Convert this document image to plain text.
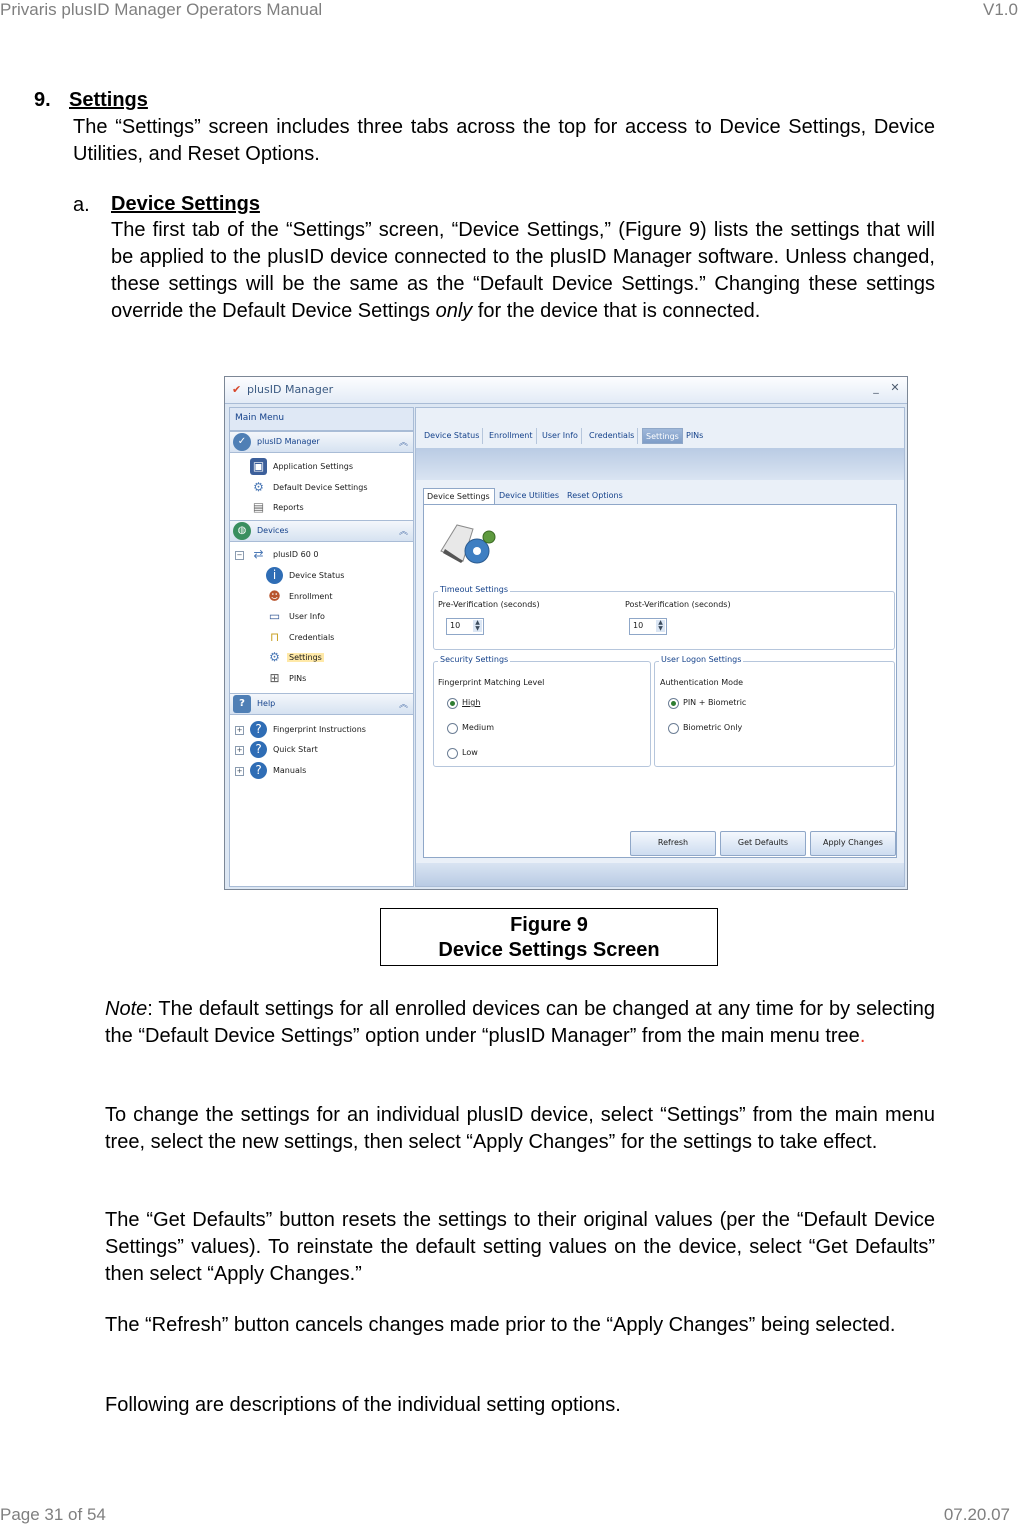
Privaris plusID Manager Operators Manual	V1.0
9. Settings
The “Settings” screen includes three tabs across the top for access to Device Settings, Device Utilities, and Reset Options.
a. Device Settings
The first tab of the “Settings” screen, “Device Settings,” (Figure 9) lists the settings that will be applied to the plusID device connected to the plusID Manager software. Unless changed, these settings will be the same as the “Default Device Settings.” Changing these settings override the Default Device Settings only for the device that is connected.
✔ plusID Manager	_	✕
Main Menu
✓	plusID Manager	︽
▣	Application Settings
⚙	Default Device Settings
▤	Reports
◍	Devices	︽
− ⇄	plusID 60 0
i	Device Status
☻ Enrollment
▭	User Info
⊓	Credentials
⚙	Settings
⊞	PINs
?	Help	︽
+	?	Fingerprint Instructions
+	?	Quick Start
+	?	Manuals
Device Status	Enrollment	User Info	Credentials	Settings PINs
Device Settings	Device Utilities Reset Options
Timeout Settings
Pre-Verification (seconds)
10	▲
▼
Post-Verification (seconds)
10	▲
▼
Security Settings
Fingerprint Matching Level
High
Medium
Low
User Logon Settings
Authentication Mode
PIN + Biometric
Biometric Only
Refresh	Get Defaults	Apply Changes
Figure 9
Device Settings Screen
Note: The default settings for all enrolled devices can be changed at any time for by selecting the “Default Device Settings” option under “plusID Manager” from the main menu tree.
To change the settings for an individual plusID device, select “Settings” from the main menu tree, select the new settings, then select “Apply Changes” for the settings to take effect.
The “Get Defaults” button resets the settings to their original values (per the “Default Device Settings” values). To reinstate the default setting values on the device, select “Get Defaults” then select “Apply Changes.”
The “Refresh” button cancels changes made prior to the “Apply Changes” being selected.
Following are descriptions of the individual setting options.
Page 31 of 54	07.20.07
